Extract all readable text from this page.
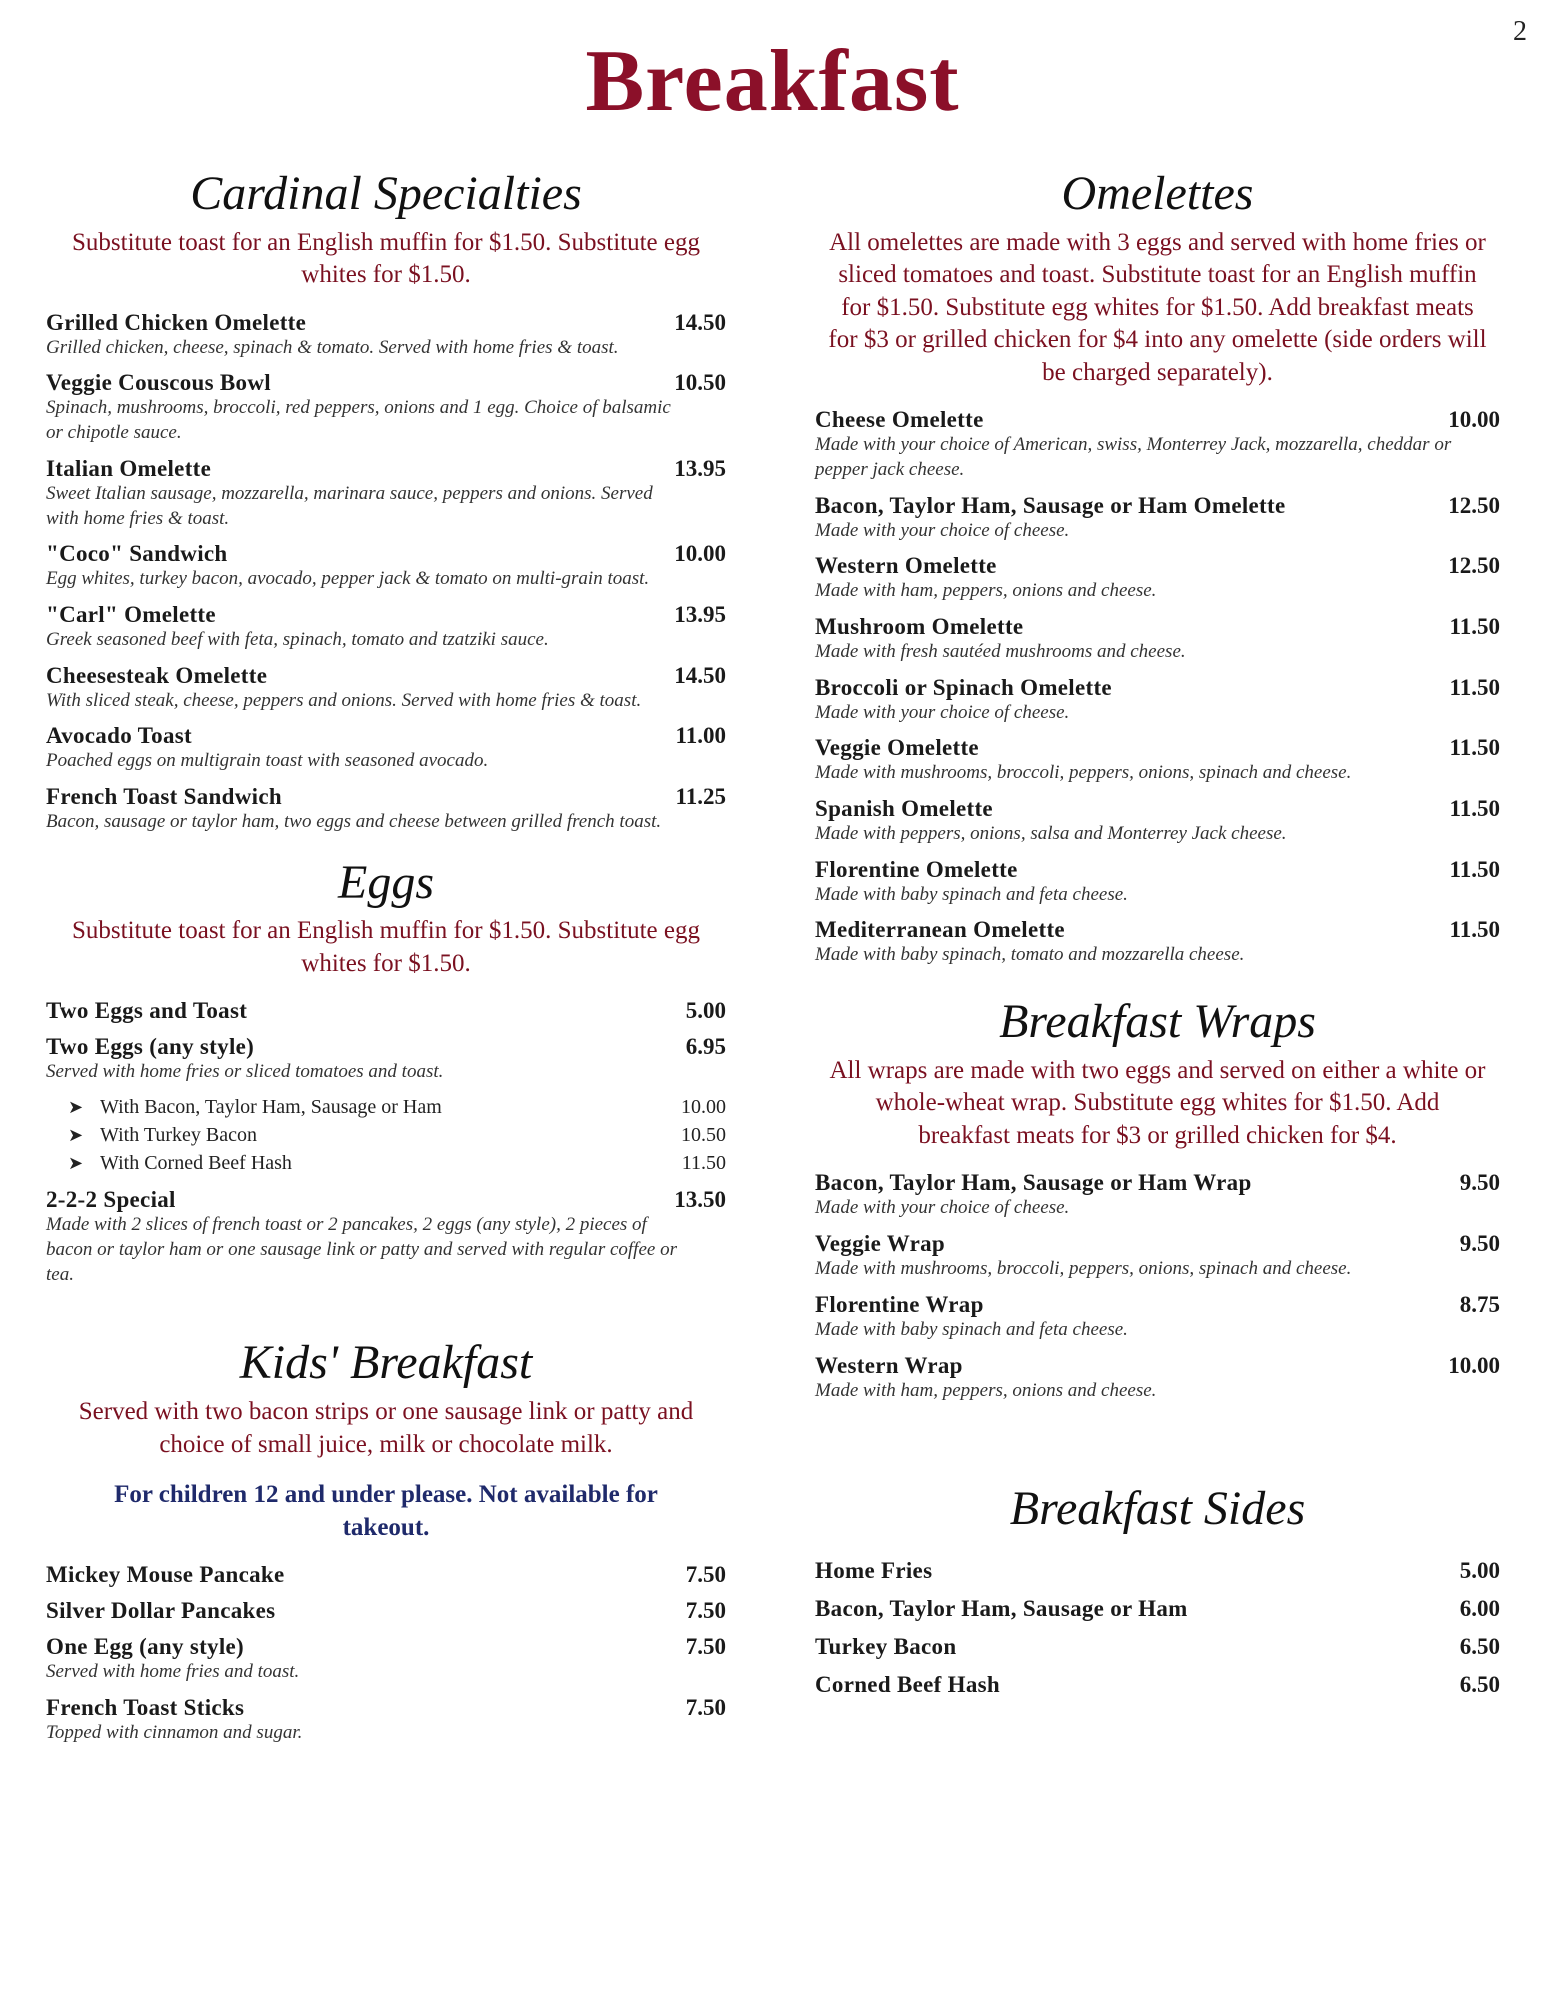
2
Breakfast
Cardinal Specialties

Substitute toast for an English muffin for $1.50. Substitute egg whites for $1.50.

Grilled Chicken Omelette	14.50
Grilled chicken, cheese, spinach & tomato. Served with home fries & toast.
Veggie Couscous Bowl	10.50
Spinach, mushrooms, broccoli, red peppers, onions and 1 egg. Choice of balsamic or chipotle sauce.
Italian Omelette	13.95
Sweet Italian sausage, mozzarella, marinara sauce, peppers and onions. Served with home fries & toast.
"Coco" Sandwich	10.00
Egg whites, turkey bacon, avocado, pepper jack & tomato on multi-grain toast.
"Carl" Omelette	13.95
Greek seasoned beef with feta, spinach, tomato and tzatziki sauce.
Cheesesteak Omelette	14.50
With sliced steak, cheese, peppers and onions. Served with home fries & toast.
Avocado Toast	11.00
Poached eggs on multigrain toast with seasoned avocado.
French Toast Sandwich	11.25
Bacon, sausage or taylor ham, two eggs and cheese between grilled french toast.
Eggs

Substitute toast for an English muffin for $1.50. Substitute egg whites for $1.50.

Two Eggs and Toast	5.00
Two Eggs (any style)	6.95
Served with home fries or sliced tomatoes and toast.
➤ With Bacon, Taylor Ham, Sausage or Ham	10.00
➤ With Turkey Bacon	10.50
➤ With Corned Beef Hash	11.50
2-2-2 Special	13.50
Made with 2 slices of french toast or 2 pancakes, 2 eggs (any style), 2 pieces of bacon or taylor ham or one sausage link or patty and served with regular coffee or tea.
Kids' Breakfast

Served with two bacon strips or one sausage link or patty and choice of small juice, milk or chocolate milk.

For children 12 and under please. Not available for takeout.

Mickey Mouse Pancake	7.50
Silver Dollar Pancakes	7.50
One Egg (any style)	7.50
Served with home fries and toast.
French Toast Sticks	7.50
Topped with cinnamon and sugar.
Omelettes

All omelettes are made with 3 eggs and served with home fries or sliced tomatoes and toast. Substitute toast for an English muffin for $1.50. Substitute egg whites for $1.50. Add breakfast meats for $3 or grilled chicken for $4 into any omelette (side orders will be charged separately).

Cheese Omelette	10.00
Made with your choice of American, swiss, Monterrey Jack, mozzarella, cheddar or pepper jack cheese.
Bacon, Taylor Ham, Sausage or Ham Omelette	12.50
Made with your choice of cheese.
Western Omelette	12.50
Made with ham, peppers, onions and cheese.
Mushroom Omelette	11.50
Made with fresh sautéed mushrooms and cheese.
Broccoli or Spinach Omelette	11.50
Made with your choice of cheese.
Veggie Omelette	11.50
Made with mushrooms, broccoli, peppers, onions, spinach and cheese.
Spanish Omelette	11.50
Made with peppers, onions, salsa and Monterrey Jack cheese.
Florentine Omelette	11.50
Made with baby spinach and feta cheese.
Mediterranean Omelette	11.50
Made with baby spinach, tomato and mozzarella cheese.
Breakfast Wraps

All wraps are made with two eggs and served on either a white or whole-wheat wrap. Substitute egg whites for $1.50. Add breakfast meats for $3 or grilled chicken for $4.

Bacon, Taylor Ham, Sausage or Ham Wrap	9.50
Made with your choice of cheese.
Veggie Wrap	9.50
Made with mushrooms, broccoli, peppers, onions, spinach and cheese.
Florentine Wrap	8.75
Made with baby spinach and feta cheese.
Western Wrap	10.00
Made with ham, peppers, onions and cheese.
Breakfast Sides
Home Fries	5.00
Bacon, Taylor Ham, Sausage or Ham	6.00
Turkey Bacon	6.50
Corned Beef Hash	6.50
